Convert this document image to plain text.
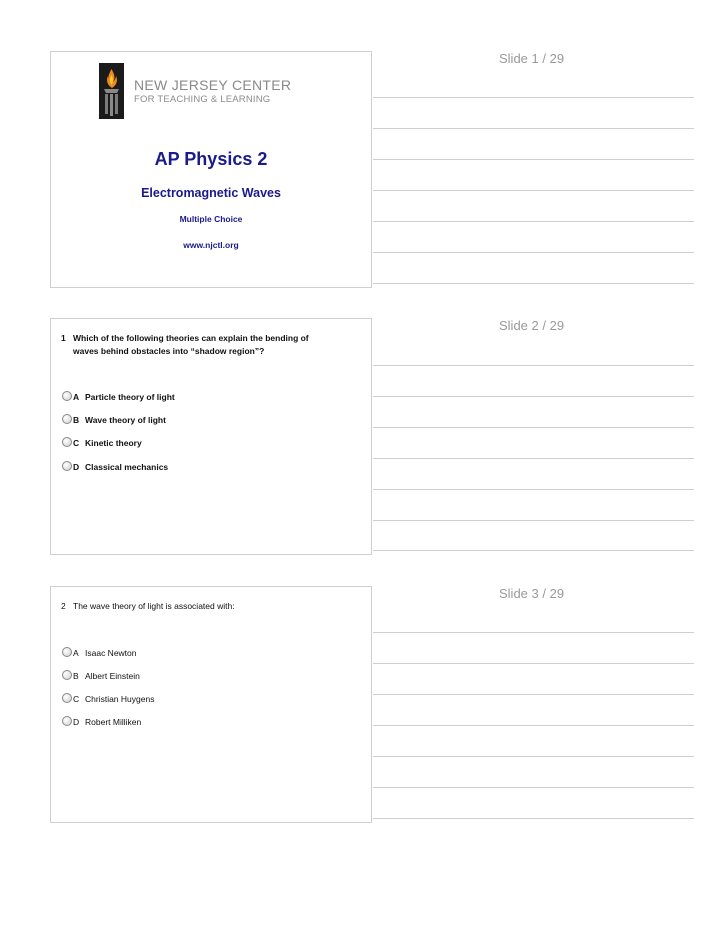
Slide 1 / 29
NEW JERSEY CENTER
FOR TEACHING & LEARNING
AP Physics 2
Electromagnetic Waves
Multiple Choice
www.njctl.org
Slide 2 / 29
1 Which of the following theories can explain the bending of
waves behind obstacles into “shadow region”?
A Particle theory of light
B Wave theory of light
C Kinetic theory
D Classical mechanics
Slide 3 / 29
2 The wave theory of light is associated with:
A Isaac Newton
B Albert Einstein
C Christian Huygens
D Robert Milliken
